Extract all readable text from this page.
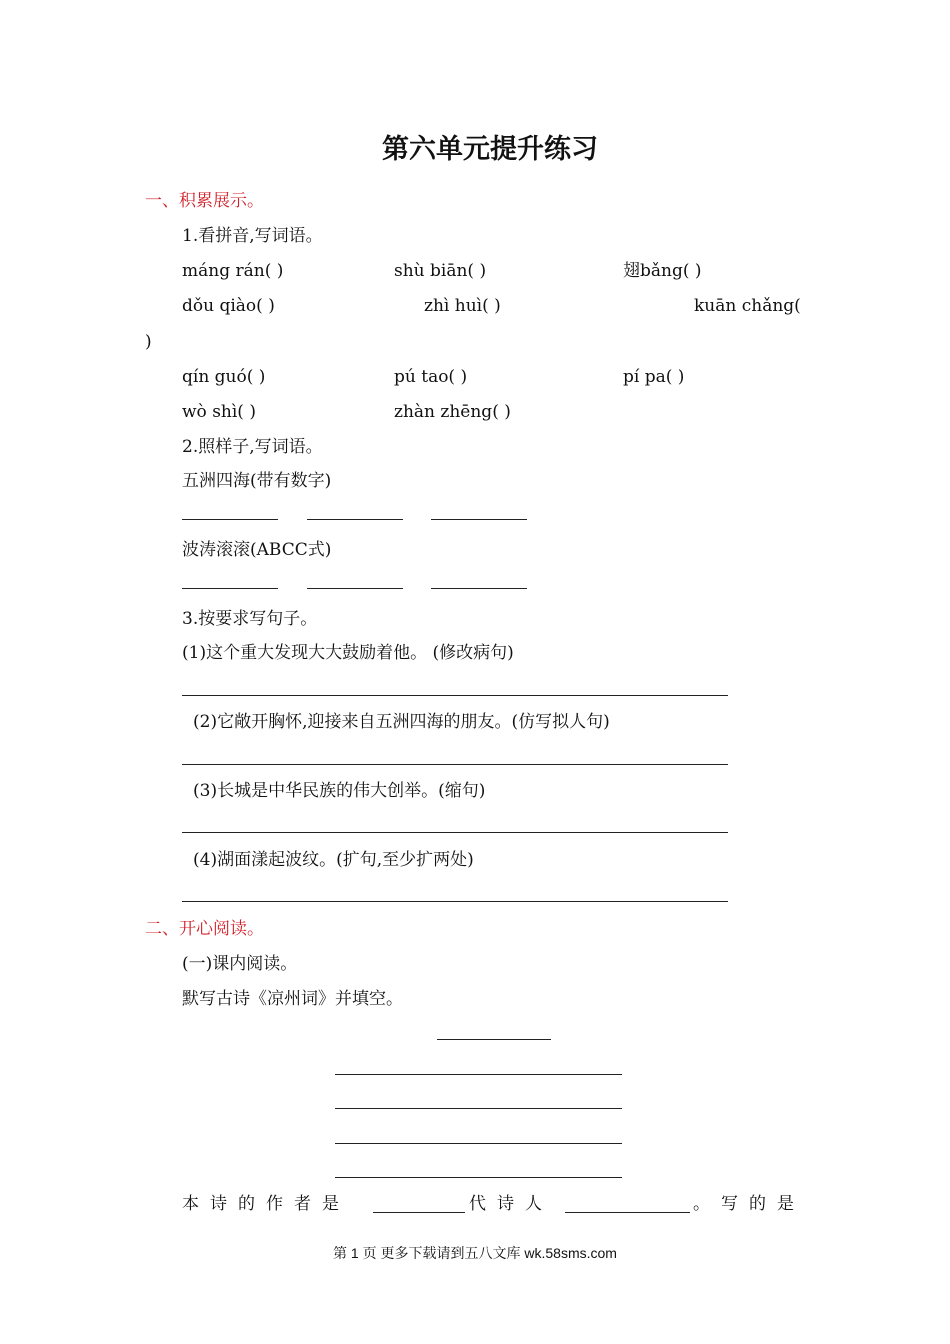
第六单元提升练习
一、积累展示。
1.看拼音,写词语。
máng rán( )	shù biān( )	翅bǎng( )
dǒu qiào( )	zhì huì( )	kuān chǎng(
)
qín guó( )	pú tao( )	pí pa( )
wò shì( )	zhàn zhēng( )
2.照样子,写词语。
五洲四海(带有数字)
波涛滚滚(ABCC式)
3.按要求写句子。
(1)这个重大发现大大鼓励着他。 (修改病句)
(2)它敞开胸怀,迎接来自五洲四海的朋友。(仿写拟人句)
(3)长城是中华民族的伟大创举。(缩句)
(4)湖面漾起波纹。(扩句,至少扩两处)
二、开心阅读。
(一)课内阅读。
默写古诗《凉州词》并填空。
本诗的作者是	代诗人	。写的是
第 1 页 更多下载请到五八文库 wk.58sms.com
